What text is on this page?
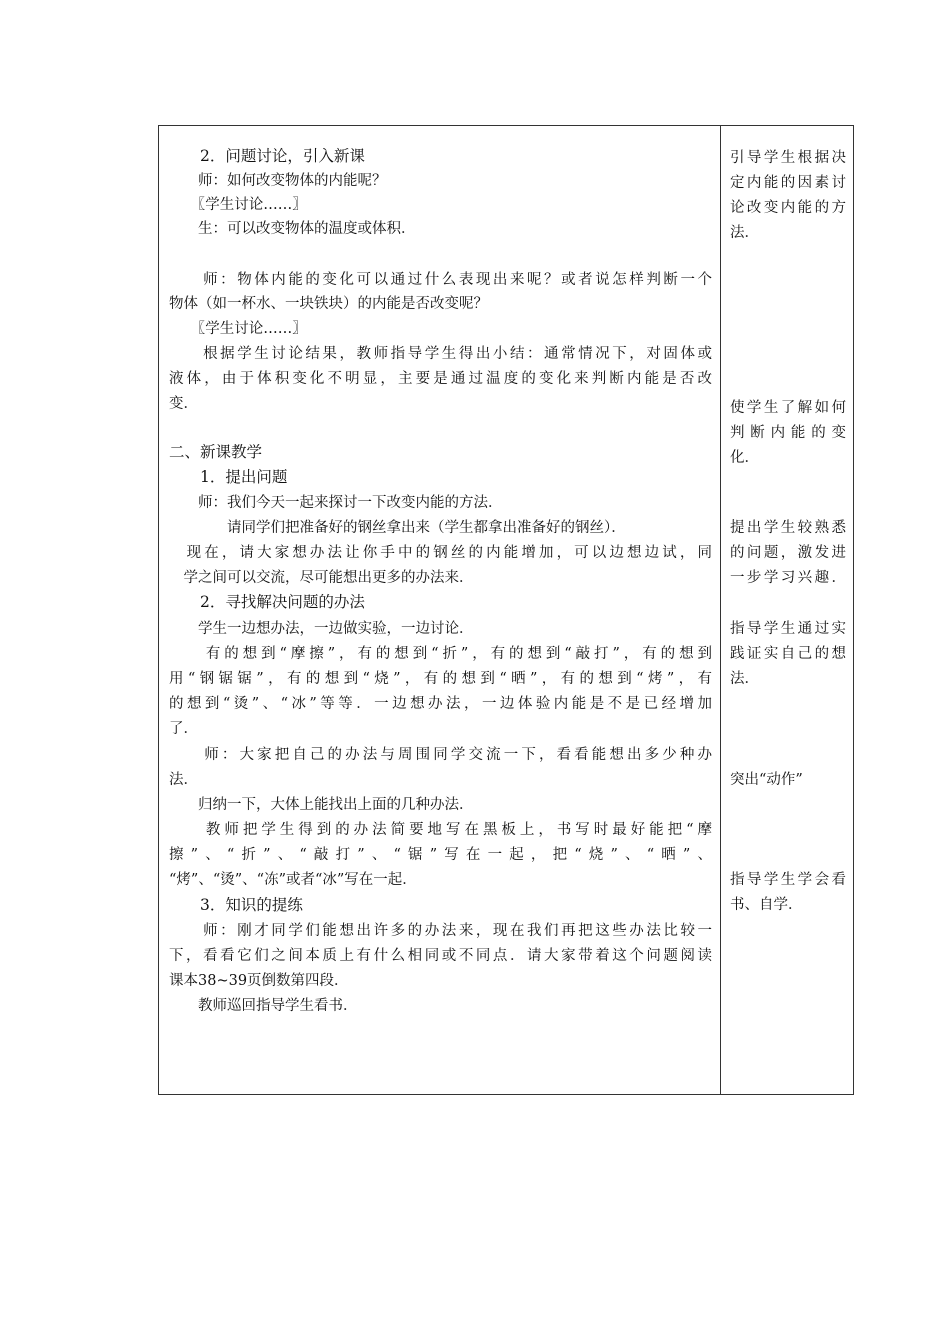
　　2．问题讨论，引入新课
　　师：如何改变物体的内能呢？
　　〖学生讨论……〗
　　生：可以改变物体的温度或体积．
　　师：物体内能的变化可以通过什么表现出来呢？或者说怎样判断一个
物体（如一杯水、一块铁块）的内能是否改变呢？
　　〖学生讨论……〗
　　根据学生讨论结果，教师指导学生得出小结：通常情况下，对固体或
液体，由于体积变化不明显，主要是通过温度的变化来判断内能是否改
变．
二、新课教学
　　1．提出问题
　　师：我们今天一起来探讨一下改变内能的方法．
　　　　请同学们把准备好的钢丝拿出来（学生都拿出准备好的钢丝）．
　现在，请大家想办法让你手中的钢丝的内能增加，可以边想边试，同
　学之间可以交流，尽可能想出更多的办法来．
　　2．寻找解决问题的办法
　　学生一边想办法，一边做实验，一边讨论．
　　有的想到“摩擦”，有的想到“折”，有的想到“敲打”，有的想到
用“钢锯锯”，有的想到“烧”，有的想到“晒”，有的想到“烤”，有
的想到“烫”、“冰”等等．一边想办法，一边体验内能是不是已经增加
了．
　　师：大家把自己的办法与周围同学交流一下，看看能想出多少种办
法．
　　归纳一下，大体上能找出上面的几种办法．
　　教师把学生得到的办法简要地写在黑板上，书写时最好能把“摩
擦”、“折”、“敲打”、“锯”写在一起，把“烧”、“晒”、
“烤”、“烫”、“冻”或者“冰”写在一起．
　　3．知识的提练
　　师：刚才同学们能想出许多的办法来，现在我们再把这些办法比较一
下，看看它们之间本质上有什么相同或不同点．请大家带着这个问题阅读
课本38~39页倒数第四段．
　　教师巡回指导学生看书．
引导学生根据决
定内能的因素讨
论改变内能的方
法．
使学生了解如何
判断内能的变
化．
提出学生较熟悉
的问题，激发进
一步学习兴趣．
指导学生通过实
践证实自己的想
法．
突出“动作”
指导学生学会看
书、自学．
